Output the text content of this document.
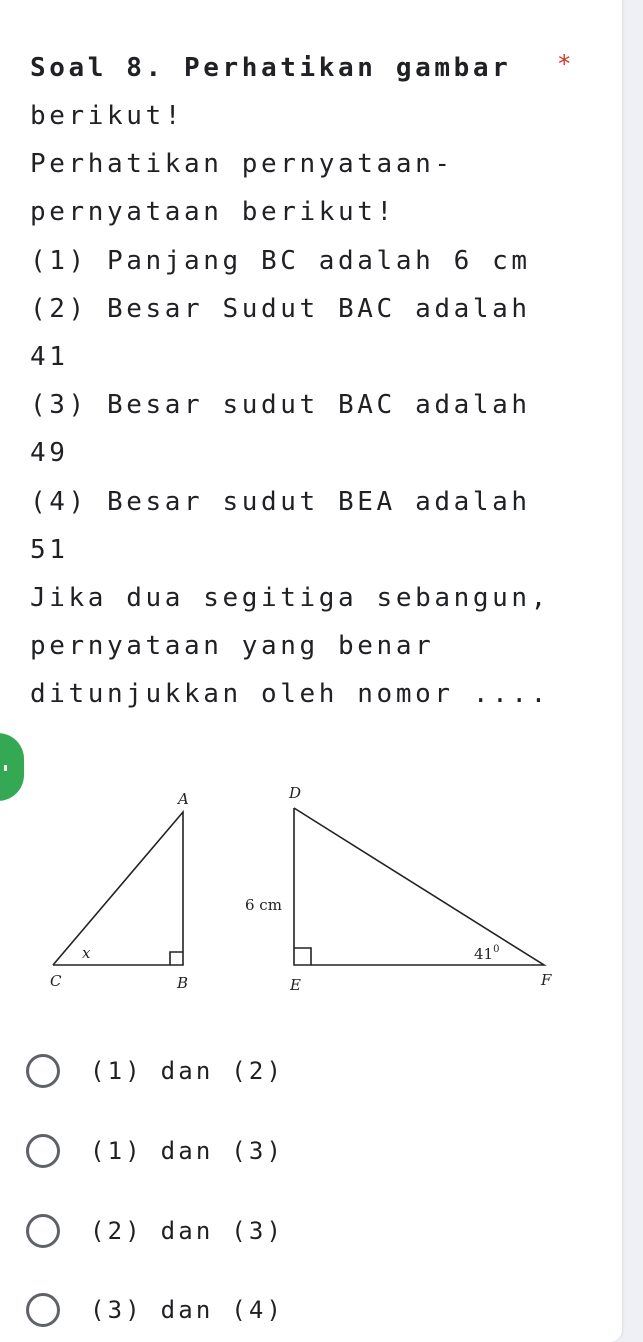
Soal 8. Perhatikan gambar	*

berikut!
Perhatikan pernyataan-
pernyataan berikut!
(1) Panjang BC adalah 6 cm
(2) Besar Sudut BAC adalah
41
(3) Besar sudut BAC adalah
49
(4) Besar sudut BEA adalah
51
Jika dua segitiga sebangun,
pernyataan yang benar
ditunjukkan oleh nomor ....

A
B
C
x
D
E	F
6 cm
$41^0$
(1) dan (2)
(1) dan (3)
(2) dan (3)
(3) dan (4)
